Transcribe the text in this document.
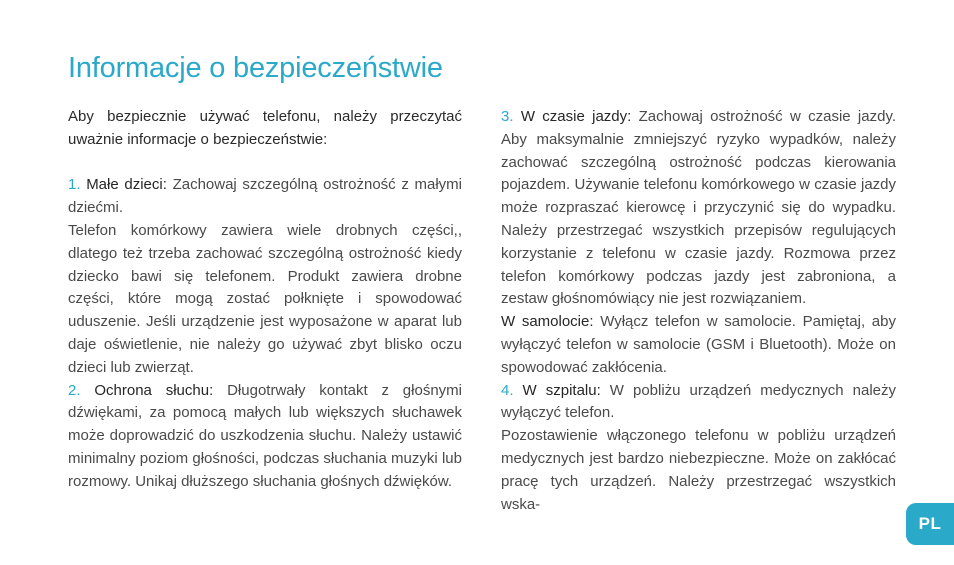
Informacje o bezpieczeństwie

Aby bezpiecznie używać telefonu, należy przeczytać uważnie informacje o bezpieczeństwie:

1. Małe dzieci: Zachowaj szczególną ostrożność z małymi dziećmi.

Telefon komórkowy zawiera wiele drobnych części,, dlatego też trzeba zachować szczególną ostrożność kiedy dziecko bawi się telefonem. Produkt zawiera drobne części, które mogą zostać połknięte i spowodować uduszenie. Jeśli urządzenie jest wyposażone w aparat lub daje oświetlenie, nie należy go używać zbyt blisko oczu dzieci lub zwierząt.

2. Ochrona słuchu: Długotrwały kontakt z głośnymi dźwiękami, za pomocą małych lub większych słuchawek może doprowadzić do uszkodzenia słuchu. Należy ustawić minimalny poziom głośności, podczas słuchania muzyki lub rozmowy. Unikaj dłuższego słuchania głośnych dźwięków.

3. W czasie jazdy: Zachowaj ostrożność w czasie jazdy. Aby maksymalnie zmniejszyć ryzyko wypadków, należy zachować szczególną ostrożność podczas kierowania pojazdem. Używanie telefonu komórkowego w czasie jazdy może rozpraszać kierowcę i przyczynić się do wypadku. Należy przestrzegać wszystkich przepisów regulujących korzystanie z telefonu w czasie jazdy. Rozmowa przez telefon komórkowy podczas jazdy jest zabroniona, a zestaw głośnomówiący nie jest rozwiązaniem.

W samolocie: Wyłącz telefon w samolocie. Pamiętaj, aby wyłączyć telefon w samolocie (GSM i Bluetooth). Może on spowodować zakłócenia.

4. W szpitalu: W pobliżu urządzeń medycznych należy wyłączyć telefon.

Pozostawienie włączonego telefonu w pobliżu urządzeń medycznych jest bardzo niebezpieczne. Może on zakłócać pracę tych urządzeń. Należy przestrzegać wszystkich wska-

PL
